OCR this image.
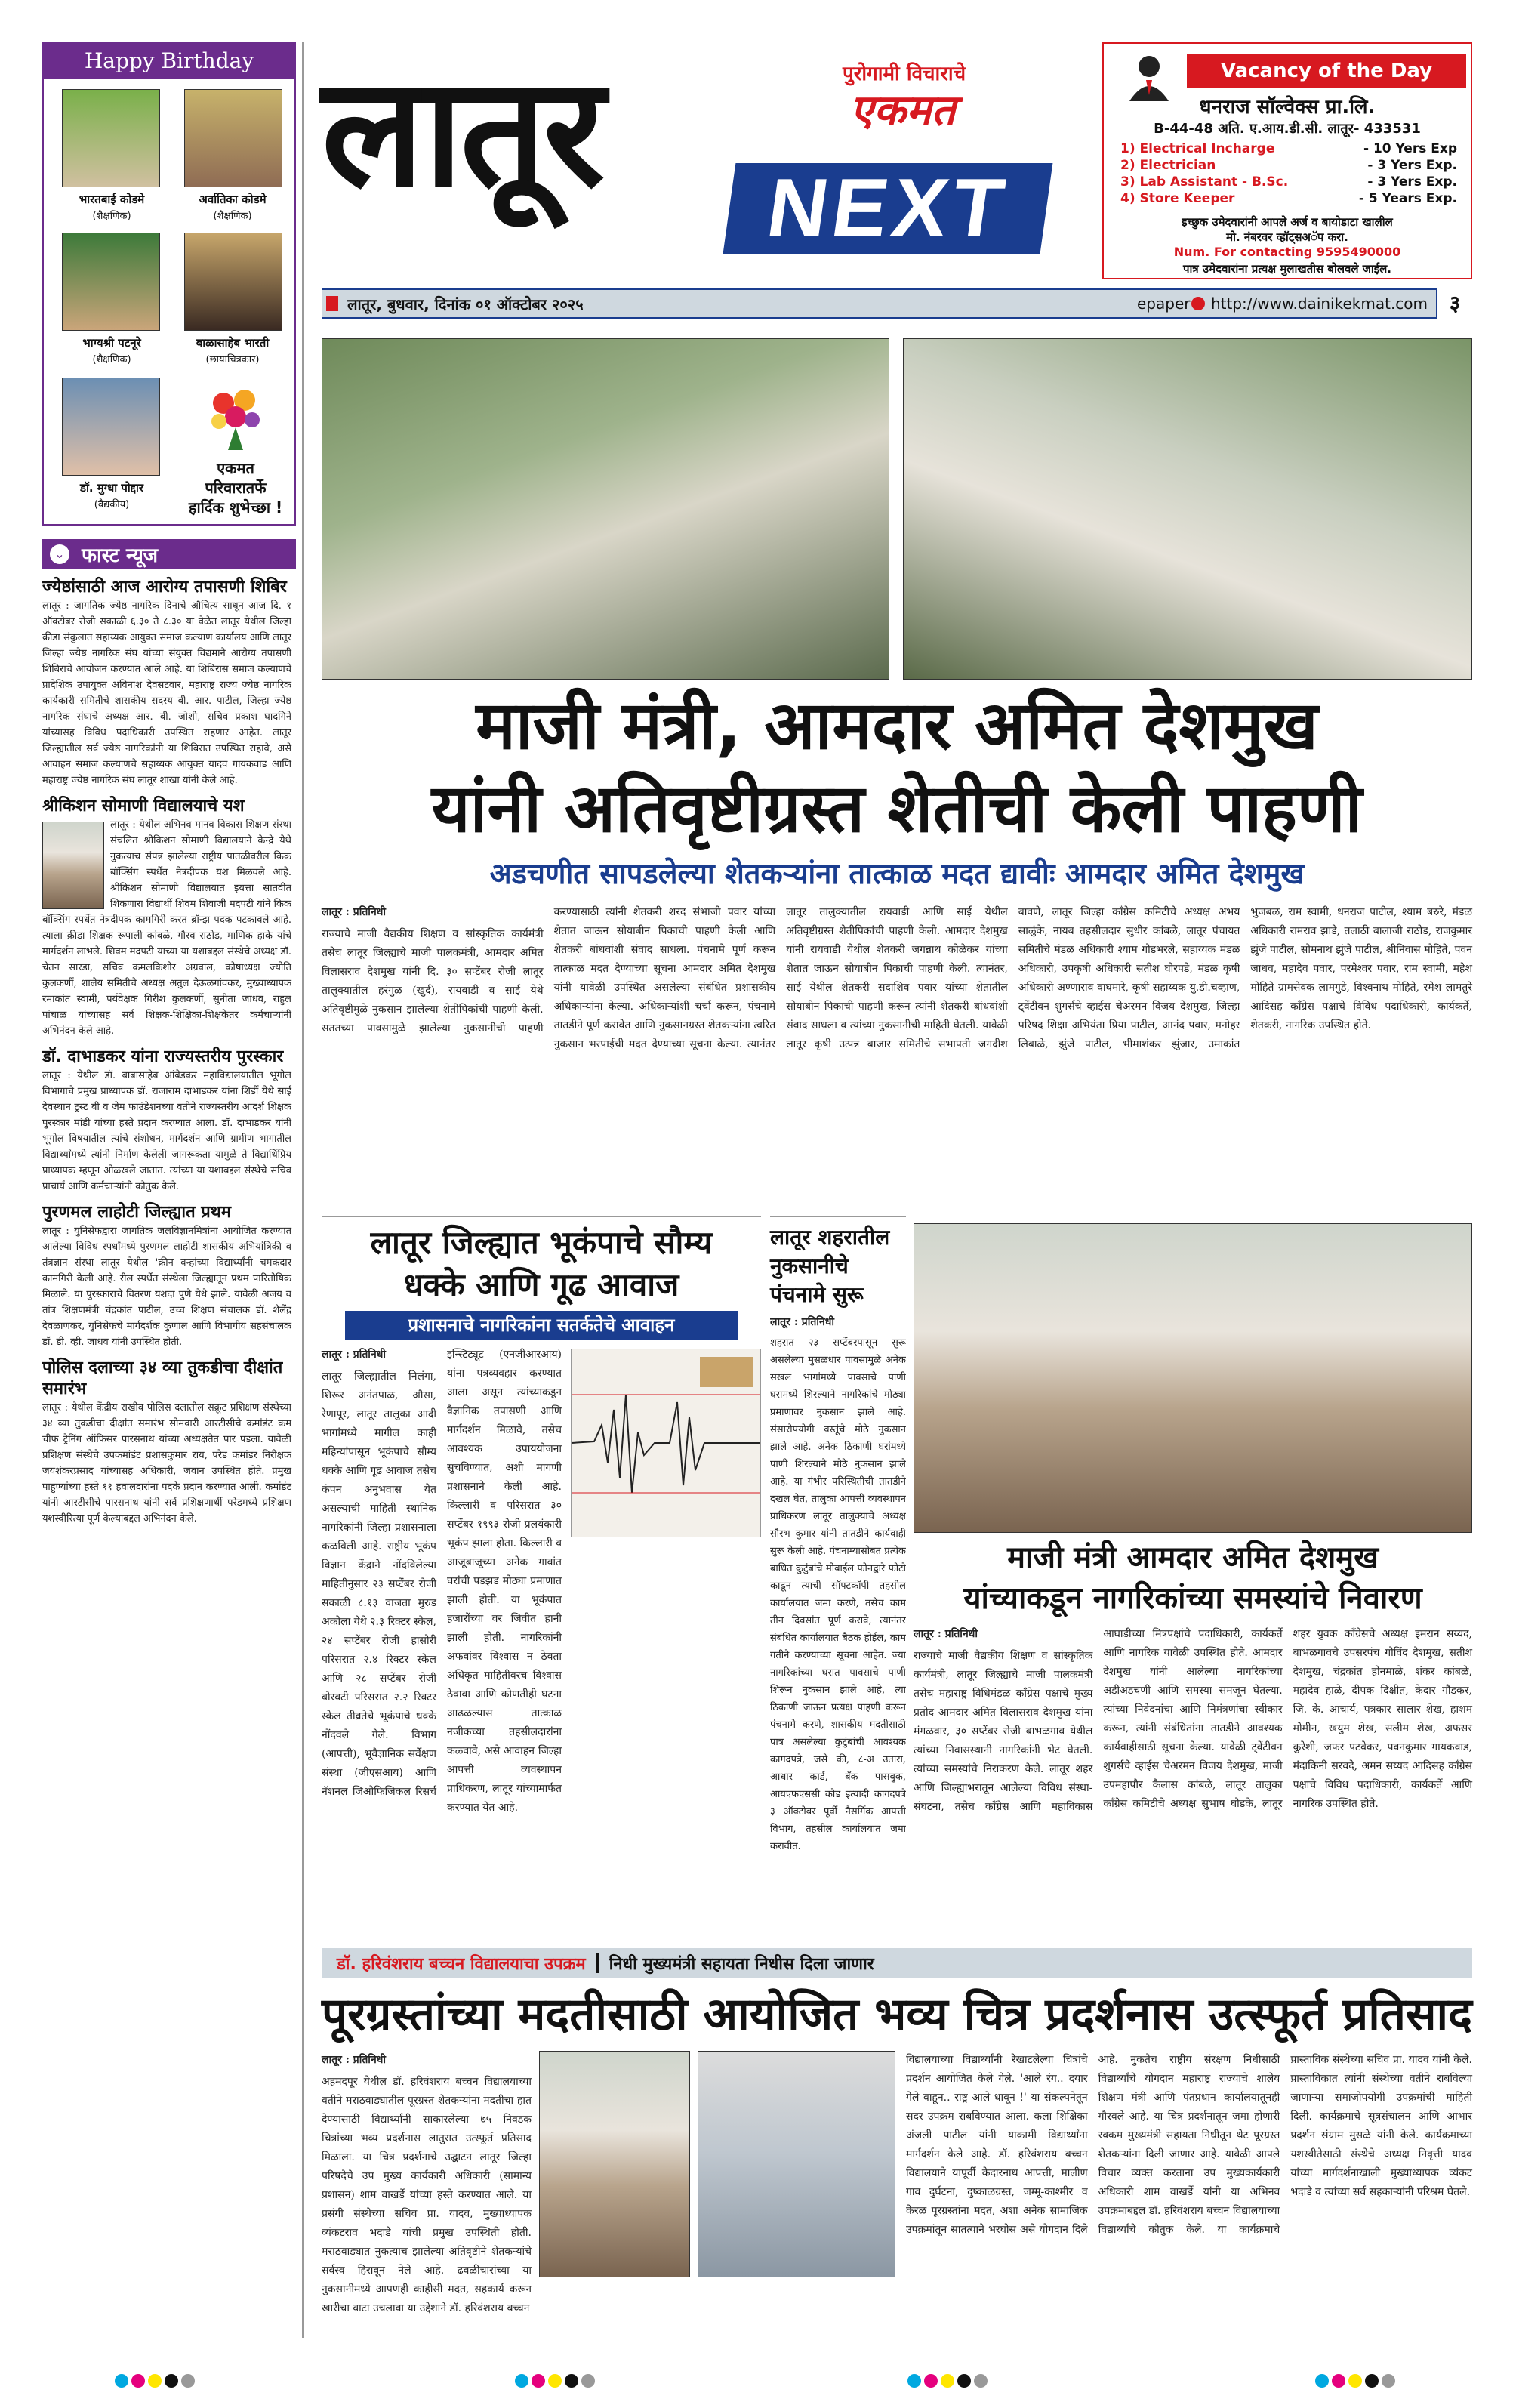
Happy Birthday
भारतबाई कोडमे
(शैक्षणिक)
अर्वातिका कोडमे
(शैक्षणिक)
भाग्यश्री पटनूरे
(शैक्षणिक)
बाळासाहेब भारती
(छायाचित्रकार)
डॉ. मुग्धा पोद्दार
(वैद्यकीय)
एकमत
परिवारातर्फे
हार्दिक शुभेच्छा !
⌄ फास्ट न्यूज
ज्येष्ठांसाठी आज आरोग्य तपासणी शिबिर
लातूर : जागतिक ज्येष्ठ नागरिक दिनाचे औचित्य साधून आज दि. १ ऑक्टोबर रोजी सकाळी ६.३० ते ८.३० या वेळेत लातूर येथील जिल्हा क्रीडा संकुलात सहाय्यक आयुक्त समाज कल्याण कार्यालय आणि लातूर जिल्हा ज्येष्ठ नागरिक संघ यांच्या संयुक्त विद्यमाने आरोग्य तपासणी शिबिराचे आयोजन करण्यात आले आहे. या शिबिरास समाज कल्याणचे प्रादेशिक उपायुक्त अविनाश देवसटवार, महाराष्ट्र राज्य ज्येष्ठ नागरिक कार्यकारी समितीचे शासकीय सदस्य बी. आर. पाटील, जिल्हा ज्येष्ठ नागरिक संघाचे अध्यक्ष आर. बी. जोशी, सचिव प्रकाश घादगिने यांच्यासह विविध पदाधिकारी उपस्थित राहणार आहेत. लातूर जिल्ह्यातील सर्व ज्येष्ठ नागरिकांनी या शिबिरात उपस्थित राहावे, असे आवाहन समाज कल्याणचे सहाय्यक आयुक्त यादव गायकवाड आणि महाराष्ट्र ज्येष्ठ नागरिक संघ लातूर शाखा यांनी केले आहे.
श्रीकिशन सोमाणी विद्यालयाचे यश
लातूर : येथील अभिनव मानव विकास शिक्षण संस्था संचलित श्रीकिशन सोमाणी विद्यालयाने केन्द्रे येथे नुकत्याच संपन्न झालेल्या राष्ट्रीय पातळीवरील किक बॉक्सिंग स्पर्धेत नेत्रदीपक यश मिळवले आहे. श्रीकिशन सोमाणी विद्यालयात इयत्ता सातवीत शिकणारा विद्यार्थी शिवम शिवाजी मदपटी यांने किक बॉक्सिंग स्पर्धेत नेत्रदीपक कामगिरी करत ब्रॉन्झ पदक पटकावले आहे. त्याला क्रीडा शिक्षक रूपाली कांबळे, गौरव राठोड, माणिक हाके यांचे मार्गदर्शन लाभले. शिवम मदपटी याच्या या यशाबद्दल संस्थेचे अध्यक्ष डॉ. चेतन सारडा, सचिव कमलकिशोर अग्रवाल, कोषाध्यक्ष ज्योति कुलकर्णी, शालेय समितीचे अध्यक्ष अतुल देऊळगांवकर, मुख्याध्यापक रमाकांत स्वामी, पर्यवेक्षक गिरीश कुलकर्णी, सुनीता जाधव, राहुल पांचाळ यांच्यासह सर्व शिक्षक-शिक्षिका-शिक्षकेतर कर्मचाऱ्यांनी अभिनंदन केले आहे.
डॉ. दाभाडकर यांना राज्यस्तरीय पुरस्कार
लातूर : येथील डॉ. बाबासाहेब आंबेडकर महाविद्यालयातील भूगोल विभागाचे प्रमुख प्राध्यापक डॉ. राजाराम दाभाडकर यांना शिर्डी येथे साई देवस्थान ट्रस्ट बी व जेम फाउंडेशनच्या वतीने राज्यस्तरीय आदर्श शिक्षक पुरस्कार मांडी यांच्या हस्ते प्रदान करण्यात आला. डॉ. दाभाडकर यांनी भूगोल विषयातील त्यांचे संशोधन, मार्गदर्शन आणि ग्रामीण भागातील विद्यार्थ्यांमध्ये त्यांनी निर्माण केलेली जागरूकता यामुळे ते विद्यार्थिप्रिय प्राध्यापक म्हणून ओळखले जातात. त्यांच्या या यशाबद्दल संस्थेचे सचिव प्राचार्य आणि कर्मचाऱ्यांनी कौतुक केले.
पुरणमल लाहोटी जिल्ह्यात प्रथम
लातूर : युनिसेफद्वारा जागतिक जलविज्ञानमित्रांना आयोजित करण्यात आलेल्या विविध स्पर्धांमध्ये पुरणमल लाहोटी शासकीय अभियांत्रिकी व तंत्रज्ञान संस्था लातूर येथील 'क्रीन वन्हांच्या विद्यार्थ्यांनी चमकदार कामगिरी केली आहे. रील स्पर्धेत संस्थेला जिल्ह्यातून प्रथम पारितोषिक मिळाले. या पुरस्काराचे वितरण यशदा पुणे येथे झाले. यावेळी अजय व तांत्र शिक्षणमंत्री चंद्रकांत पाटील, उच्च शिक्षण संचालक डॉ. शैलेंद्र देवळाणकर, युनिसेफचे मार्गदर्शक कुणाल आणि विभागीय सहसंचालक डॉ. डी. व्ही. जाधव यांनी उपस्थित होती.
पोलिस दलाच्या ३४ व्या तुकडीचा दीक्षांत समारंभ
लातूर : येथील केंद्रीय राखीव पोलिस दलातील सक्रूट प्रशिक्षण संस्थेच्या ३४ व्या तुकडीचा दीक्षांत समारंभ सोमवारी आरटीसीचे कमांडंट कम चीफ ट्रेनिंग ऑफिसर पारसनाथ यांच्या अध्यक्षतेत पार पडला. यावेळी प्रशिक्षण संस्थेचे उपकमांडंट प्रशासकुमार राय, परेड कमांडर निरीक्षक जयशंकरप्रसाद यांच्यासह अधिकारी, जवान उपस्थित होते. प्रमुख पाहुण्यांच्या हस्ते ११ हवालदारांना पदके प्रदान करण्यात आली. कमांडंट यांनी आरटीसीचे पारसनाथ यांनी सर्व प्रशिक्षणार्थी परेडमध्ये प्रशिक्षण यशस्वीरित्या पूर्ण केल्याबद्दल अभिनंदन केले.
लातूर	पुरोगामी विचाराचे
एकमत
NEXT
Vacancy of the Day
धनराज सॉल्वेक्स प्रा.लि.
B-44-48 अति. ए.आय.डी.सी. लातूर- 433531
1) Electrical Incharge	- 10 Yers Exp
2) Electrician	- 3 Yers Exp.
3) Lab Assistant - B.Sc.	- 3 Yers Exp.
4) Store Keeper	- 5 Years Exp.
इच्छुक उमेदवारांनी आपले अर्ज व बायोडाटा खालील
मो. नंबरवर व्हॉट्सअॅप करा.
Num. For contacting 9595490000
पात्र उमेदवारांना प्रत्यक्ष मुलाखतीस बोलवले जाईल.
लातूर, बुधवार, दिनांक ०१ ऑक्टोबर २०२५	epaper http://www.dainikekmat.com	३
माजी मंत्री, आमदार अमित देशमुख
यांनी अतिवृष्टीग्रस्त शेतीची केली पाहणी
अडचणीत सापडलेल्या शेतकऱ्यांना तात्काळ मदत द्यावीः आमदार अमित देशमुख
लातूर : प्रतिनिधी
राज्याचे माजी वैद्यकीय शिक्षण व सांस्कृतिक कार्यमंत्री तसेच लातूर जिल्ह्याचे माजी पालकमंत्री, आमदार अमित विलासराव देशमुख यांनी दि. ३० सप्टेंबर रोजी लातूर तालुक्यातील हरंगुळ (खुर्द), रायवाडी व साई येथे अतिवृष्टीमुळे नुकसान झालेल्या शेतीपिकांची पाहणी केली. सततच्या पावसामुळे झालेल्या नुकसानीची पाहणी करण्यासाठी त्यांनी शेतकरी शरद संभाजी पवार यांच्या शेतात जाऊन सोयाबीन पिकाची पाहणी केली आणि शेतकरी बांधवांशी संवाद साधला. पंचनामे पूर्ण करून तात्काळ मदत देण्याच्या सूचना आमदार अमित देशमुख यांनी यावेळी उपस्थित असलेल्या संबंधित प्रशासकीय अधिकाऱ्यांना केल्या. अधिकाऱ्यांशी चर्चा करून, पंचनामे तातडीने पूर्ण करावेत आणि नुकसानग्रस्त शेतकऱ्यांना त्वरित नुकसान भरपाईची मदत देण्याच्या सूचना केल्या. त्यानंतर लातूर तालुक्यातील रायवाडी आणि साई येथील अतिवृष्टीग्रस्त शेतीपिकांची पाहणी केली. आमदार देशमुख यांनी रायवाडी येथील शेतकरी जगन्नाथ कोळेकर यांच्या शेतात जाऊन सोयाबीन पिकाची पाहणी केली. त्यानंतर, साई येथील शेतकरी सदाशिव पवार यांच्या शेतातील सोयाबीन पिकाची पाहणी करून त्यांनी शेतकरी बांधवांशी संवाद साधला व त्यांच्या नुकसानीची माहिती घेतली. यावेळी लातूर कृषी उत्पन्न बाजार समितीचे सभापती जगदीश बावणे, लातूर जिल्हा काँग्रेस कमिटीचे अध्यक्ष अभय साळुंके, नायब तहसीलदार सुधीर कांबळे, लातूर पंचायत समितीचे मंडळ अधिकारी श्याम गोडभरले, सहाय्यक मंडळ अधिकारी, उपकृषी अधिकारी सतीश घोरपडे, मंडळ कृषी अधिकारी अण्णाराव वाघमारे, कृषी सहाय्यक यु.डी.चव्हाण, ट्वेंटीवन शुगर्सचे व्हाईस चेअरमन विजय देशमुख, जिल्हा परिषद शिक्षा अभियंता प्रिया पाटील, आनंद पवार, मनोहर लिबाळे, झुंजे पाटील, भीमाशंकर झुंजार, उमाकांत भुजबळ, राम स्वामी, धनराज पाटील, श्याम बरुरे, मंडळ अधिकारी रामराव झाडे, तलाठी बालाजी राठोड, राजकुमार झुंजे पाटील, सोमनाथ झुंजे पाटील, श्रीनिवास मोहिते, पवन जाधव, महादेव पवार, परमेश्वर पवार, राम स्वामी, महेश मोहिते ग्रामसेवक लामगुडे, विश्वनाथ मोहिते, रमेश लामतुरे आदिसह काँग्रेस पक्षाचे विविध पदाधिकारी, कार्यकर्ते, शेतकरी, नागरिक उपस्थित होते.
लातूर जिल्ह्यात भूकंपाचे सौम्य
धक्के आणि गूढ आवाज
प्रशासनाचे नागरिकांना सतर्कतेचे आवाहन
लातूर : प्रतिनिधी
लातूर जिल्ह्यातील निलंगा, शिरूर अनंतपाळ, औसा, रेणापूर, लातूर तालुका आदी भागांमध्ये मागील काही महिन्यांपासून भूकंपाचे सौम्य धक्के आणि गूढ आवाज तसेच कंपन अनुभवास येत असल्याची माहिती स्थानिक नागरिकांनी जिल्हा प्रशासनाला कळविली आहे. राष्ट्रीय भूकंप विज्ञान केंद्राने नोंदविलेल्या माहितीनुसार २३ सप्टेंबर रोजी सकाळी ८.१३ वाजता मुरुड अकोला येथे २.३ रिक्टर स्केल, २४ सप्टेंबर रोजी हासोरी परिसरात २.४ रिक्टर स्केल आणि २८ सप्टेंबर रोजी बोरवटी परिसरात २.२ रिक्टर स्केल तीव्रतेचे भूकंपाचे धक्के नोंदवले गेले. विभाग (आपत्ती), भूवैज्ञानिक सर्वेक्षण संस्था (जीएसआय) आणि नॅशनल जिओफिजिकल रिसर्च इन्स्टिट्यूट (एनजीआरआय) यांना पत्रव्यवहार करण्यात आला असून त्यांच्याकडून वैज्ञानिक तपासणी आणि मार्गदर्शन मिळावे, तसेच आवश्यक उपाययोजना सुचविण्यात, अशी मागणी प्रशासनाने केली आहे. किल्लारी व परिसरात ३० सप्टेंबर १९९३ रोजी प्रलयंकारी भूकंप झाला होता. किल्लारी व आजूबाजूच्या अनेक गावांत घरांची पडझड मोठ्या प्रमाणात झाली होती. या भूकंपात हजारोंच्या वर जिवीत हानी झाली होती. नागरिकांनी अफवांवर विश्वास न ठेवता अधिकृत माहितीवरच विश्वास ठेवावा आणि कोणतीही घटना आढळल्यास तात्काळ नजीकच्या तहसीलदारांना कळवावे, असे आवाहन जिल्हा आपत्ती व्यवस्थापन प्राधिकरण, लातूर यांच्यामार्फत करण्यात येत आहे.
लातूर शहरातील
नुकसानीचे
पंचनामे सुरू
लातूर : प्रतिनिधी
शहरात २३ सप्टेंबरपासून सुरू असलेल्या मुसळधार पावसामुळे अनेक सखल भागांमध्ये पावसाचे पाणी घरामध्ये शिरल्याने नागरिकांचे मोठ्या प्रमाणावर नुकसान झाले आहे. संसारोपयोगी वस्तूंचे मोठे नुकसान झाले आहे. अनेक ठिकाणी घरांमध्ये पाणी शिरल्याने मोठे नुकसान झाले आहे. या गंभीर परिस्थितीची तातडीने दखल घेत, तालुका आपत्ती व्यवस्थापन प्राधिकरण लातूर तालुक्याचे अध्यक्ष सौरभ कुमार यांनी तातडीने कार्यवाही सुरू केली आहे. पंचनाम्यासोबत प्रत्येक बाधित कुटुंबांचे मोबाईल फोनद्वारे फोटो काढून त्याची सॉफ्टकॉपी तहसील कार्यालयात जमा करणे, तसेच काम तीन दिवसांत पूर्ण करावे, त्यानंतर संबंधित कार्यालयात बैठक होईल, काम गतीने करण्याच्या सूचना आहेत. ज्या नागरिकांच्या घरात पावसाचे पाणी शिरून नुकसान झाले आहे, त्या ठिकाणी जाऊन प्रत्यक्ष पाहणी करून पंचनामे करणे, शासकीय मदतीसाठी पात्र असलेल्या कुटुंबांची आवश्यक कागदपत्रे, जसे की, ८-अ उतारा, आधार कार्ड, बँक पासबुक, आयएफएससी कोड इत्यादी कागदपत्रे ३ ऑक्टोबर पूर्वी नैसर्गिक आपत्ती विभाग, तहसील कार्यालयात जमा करावीत.
माजी मंत्री आमदार अमित देशमुख
यांच्याकडून नागरिकांच्या समस्यांचे निवारण
लातूर : प्रतिनिधी
राज्याचे माजी वैद्यकीय शिक्षण व सांस्कृतिक कार्यमंत्री, लातूर जिल्ह्याचे माजी पालकमंत्री तसेच महाराष्ट्र विधिमंडळ काँग्रेस पक्षाचे मुख्य प्रतोद आमदार अमित विलासराव देशमुख यांना मंगळवार, ३० सप्टेंबर रोजी बाभळगाव येथील त्यांच्या निवासस्थानी नागरिकांनी भेट घेतली. त्यांच्या समस्यांचे निराकरण केले. लातूर शहर आणि जिल्ह्याभरातून आलेल्या विविध संस्था-संघटना, तसेच काँग्रेस आणि महाविकास आघाडीच्या मित्रपक्षांचे पदाधिकारी, कार्यकर्ते आणि नागरिक यावेळी उपस्थित होते. आमदार देशमुख यांनी आलेल्या नागरिकांच्या अडीअडचणी आणि समस्या समजून घेतल्या. त्यांच्या निवेदनांचा आणि निमंत्रणांचा स्वीकार करून, त्यांनी संबंधितांना तातडीने आवश्यक कार्यवाहीसाठी सूचना केल्या. यावेळी ट्वेंटीवन शुगर्सचे व्हाईस चेअरमन विजय देशमुख, माजी उपमहापौर कैलास कांबळे, लातूर तालुका काँग्रेस कमिटीचे अध्यक्ष सुभाष घोडके, लातूर शहर युवक काँग्रेसचे अध्यक्ष इमरान सय्यद, बाभळगावचे उपसरपंच गोविंद देशमुख, सतीश देशमुख, चंद्रकांत होनमाळे, शंकर कांबळे, महादेव हाळे, दीपक दिक्षीत, केदार गौडकर, जि. के. आचार्य, पत्रकार सालार शेख, हाशम मोमीन, खयुम शेख, सलीम शेख, अफसर कुरेशी, जफर पटवेकर, पवनकुमार गायकवाड, मंदाकिनी सरवदे, अमन सय्यद आदिसह काँग्रेस पक्षाचे विविध पदाधिकारी, कार्यकर्ते आणि नागरिक उपस्थित होते.
डॉ. हरिवंशराय बच्चन विद्यालयाचा उपक्रम निधी मुख्यमंत्री सहायता निधीस दिला जाणार
पूरग्रस्तांच्या मदतीसाठी आयोजित भव्य चित्र प्रदर्शनास उत्स्फूर्त प्रतिसाद
लातूर : प्रतिनिधी
अहमदपूर येथील डॉ. हरिवंशराय बच्चन विद्यालयाच्या वतीने मराठवाड्यातील पूरग्रस्त शेतकऱ्यांना मदतीचा हात देण्यासाठी विद्यार्थ्यांनी साकारलेल्या ७५ निवडक चित्रांच्या भव्य प्रदर्शनास लातुरात उत्स्फूर्त प्रतिसाद मिळाला. या चित्र प्रदर्शनाचे उद्घाटन लातूर जिल्हा परिषदेचे उप मुख्य कार्यकारी अधिकारी (सामान्य प्रशासन) शाम वाखर्डे यांच्या हस्ते करण्यात आले. या प्रसंगी संस्थेच्या सचिव प्रा. यादव, मुख्याध्यापक व्यंकटराव भदाडे यांची प्रमुख उपस्थिती होती. मराठवाड्यात नुकत्याच झालेल्या अतिवृष्टीने शेतकऱ्यांचे सर्वस्व हिरावून नेले आहे. ढवळीचारांच्या या नुकसानीमध्ये आपणही काहीसी मदत, सहकार्य करून खारीचा वाटा उचलावा या उद्देशाने डॉ. हरिवंशराय बच्चन
विद्यालयाच्या विद्यार्थ्यांनी रेखाटलेल्या चित्रांचे प्रदर्शन आयोजित केले गेले. 'आले रंग.. दयार गेले वाहून.. राष्ट्र आले धावून !' या संकल्पनेतून सदर उपक्रम राबविण्यात आला. कला शिक्षिका अंजली पाटील यांनी याकामी विद्यार्थ्यांना मार्गदर्शन केले आहे. डॉ. हरिवंशराय बच्चन विद्यालयाने यापूर्वी केदारनाथ आपत्ती, मालीण गाव दुर्घटना, दुष्काळग्रस्त, जम्मू-काश्मीर व केरळ पूरग्रस्तांना मदत, अशा अनेक सामाजिक उपक्रमांतून सातत्याने भरघोस असे योगदान दिले आहे. नुकतेच राष्ट्रीय संरक्षण निधीसाठी विद्यार्थ्यांचे योगदान महाराष्ट्र राज्याचे शालेय शिक्षण मंत्री आणि पंतप्रधान कार्यालयातूनही गौरवले आहे. या चित्र प्रदर्शनातून जमा होणारी रक्कम मुख्यमंत्री सहायता निधीतून थेट पूरग्रस्त शेतकऱ्यांना दिली जाणार आहे. यावेळी आपले विचार व्यक्त करताना उप मुख्यकार्यकारी अधिकारी शाम वाखर्डे यांनी या अभिनव उपक्रमाबद्दल डॉ. हरिवंशराय बच्चन विद्यालयाच्या विद्यार्थ्यांचे कौतुक केले. या कार्यक्रमाचे प्रास्ताविक संस्थेच्या सचिव प्रा. यादव यांनी केले. प्रास्ताविकात त्यांनी संस्थेच्या वतीने राबविल्या जाणाऱ्या समाजोपयोगी उपक्रमांची माहिती दिली. कार्यक्रमाचे सूत्रसंचालन आणि आभार प्रदर्शन संग्राम मुसळे यांनी केले. कार्यक्रमाच्या यशस्वीतेसाठी संस्थेचे अध्यक्ष निवृत्ती यादव यांच्या मार्गदर्शनाखाली मुख्याध्यापक व्यंकट भदाडे व त्यांच्या सर्व सहकाऱ्यांनी परिश्रम घेतले.
